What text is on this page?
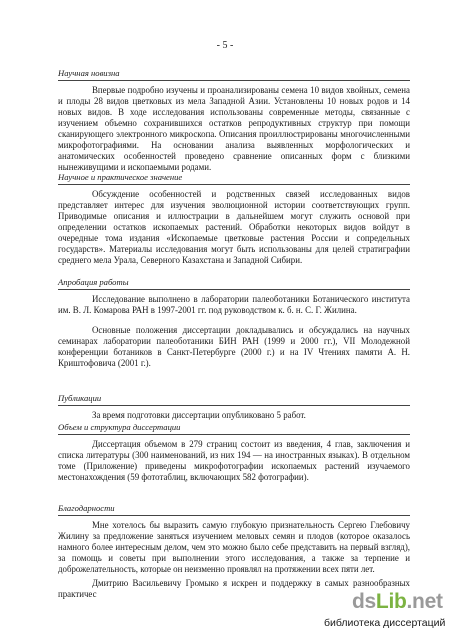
- 5 -
Научная новизна

Впервые подробно изучены и проанализированы семена 10 видов хвойных, семена и плоды 28 видов цветковых из мела Западной Азии. Установлены 10 новых родов и 14 новых видов. В ходе исследования использованы современные методы, связанные с изучением объемно сохранившихся остатков репродуктивных структур при помощи сканирующего электронного микроскопа. Описания проиллюстрированы многочисленными микрофотографиями. На основании анализа выявленных морфологических и анатомических особенностей проведено сравнение описанных форм с близкими нынеживущими и ископаемыми родами.

Научное и практическое значение

Обсуждение особенностей и родственных связей исследованных видов представляет интерес для изучения эволюционной истории соответствующих групп. Приводимые описания и иллюстрации в дальнейшем могут служить основой при определении остатков ископаемых растений. Обработки некоторых видов войдут в очередные тома издания «Ископаемые цветковые растения России и сопредельных государств». Материалы исследования могут быть использованы для целей стратиграфии среднего мела Урала, Северного Казахстана и Западной Сибири.

Апробация работы

Исследование выполнено в лаборатории палеоботаники Ботанического института им. В. Л. Комарова РАН в 1997-2001 гг. под руководством к. б. н. С. Г. Жилина.

Основные положения диссертации докладывались и обсуждались на научных семинарах лаборатории палеоботаники БИН РАН (1999 и 2000 гг.), VII Молодежной конференции ботаников в Санкт-Петербурге (2000 г.) и на IV Чтениях памяти А. Н. Криштофовича (2001 г.).

Публикации

За время подготовки диссертации опубликовано 5 работ.

Объем и структура диссертации

Диссертация объемом в 279 страниц состоит из введения, 4 глав, заключения и списка литературы (300 наименований, из них 194 — на иностранных языках). В отдельном томе (Приложение) приведены микрофотографии ископаемых растений изучаемого местонахождения (59 фототаблиц, включающих 582 фотографии).

Благодарности

Мне хотелось бы выразить самую глубокую признательность Сергею Глебовичу Жилину за предложение заняться изучением меловых семян и плодов (которое оказалось намного более интересным делом, чем это можно было себе представить на первый взгляд), за помощь и советы при выполнении этого исследования, а также за терпение и доброжелательность, которые он неизменно проявлял на протяжении всех пяти лет.

Дмитрию Васильевичу Громыко я искрен и поддержку в самых разнообразных практичес	dsLib.net
библиотека диссертаций
